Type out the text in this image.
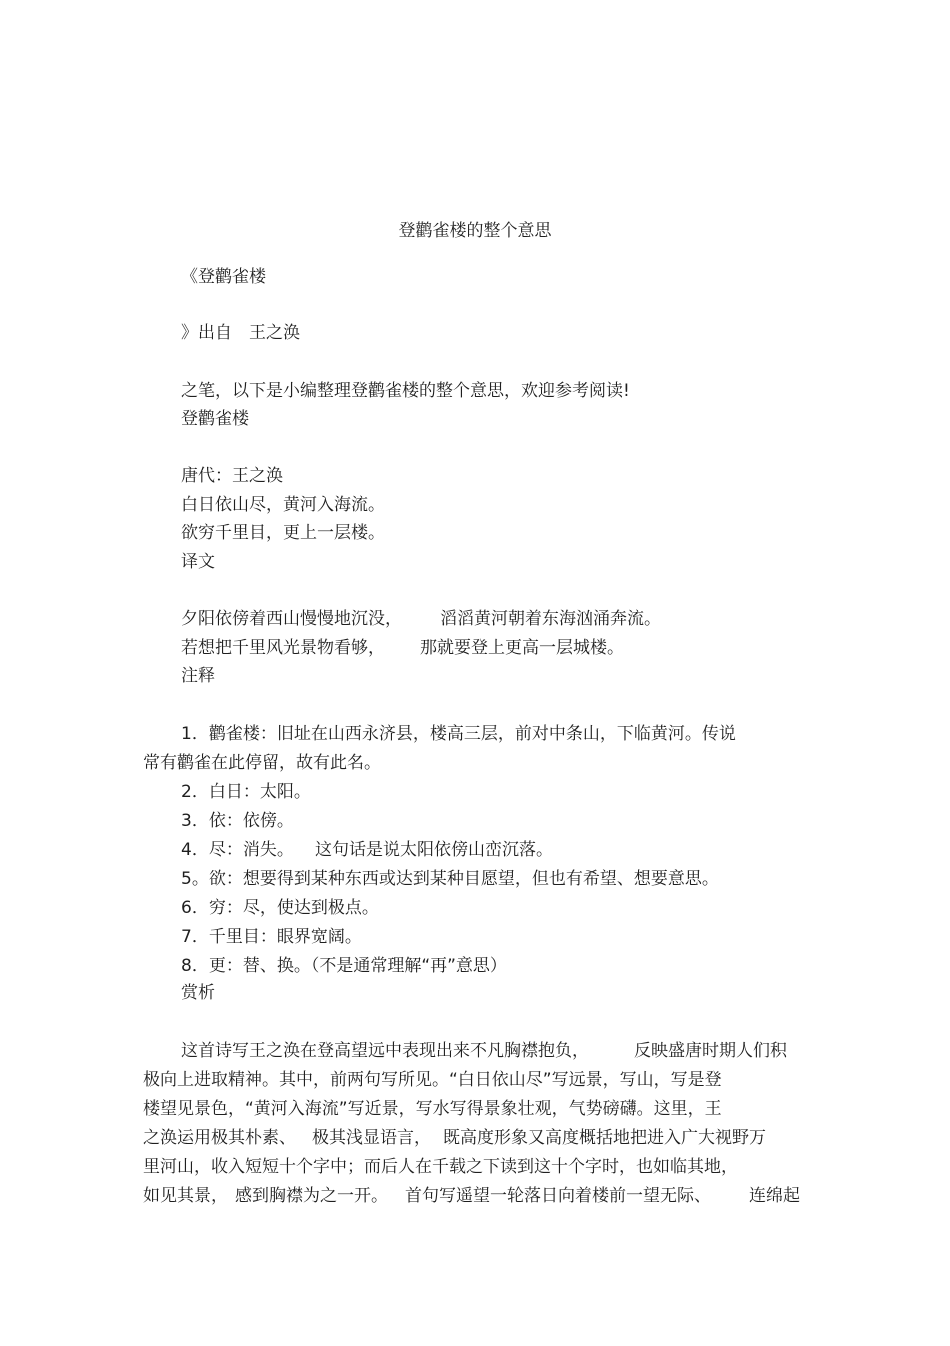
登鹳雀楼的整个意思
《登鹳雀楼
》出自　王之涣
之笔，以下是小编整理登鹳雀楼的整个意思，欢迎参考阅读!
登鹳雀楼
唐代：王之涣
白日依山尽，黄河入海流。
欲穷千里目，更上一层楼。
译文
夕阳依傍着西山慢慢地沉没， 滔滔黄河朝着东海汹涌奔流。
若想把千里风光景物看够， 那就要登上更高一层城楼。
注释
1．鹳雀楼：旧址在山西永济县，楼高三层，前对中条山，下临黄河。传说
常有鹳雀在此停留，故有此名。
2．白日：太阳。
3．依：依傍。
4．尽：消失。 这句话是说太阳依傍山峦沉落。
5。欲：想要得到某种东西或达到某种目愿望，但也有希望、想要意思。
6．穷：尽，使达到极点。
7．千里目：眼界宽阔。
8．更：替、换。（不是通常理解“再”意思）
赏析
这首诗写王之涣在登高望远中表现出来不凡胸襟抱负，	反映盛唐时期人们积
极向上进取精神。其中，前两句写所见。“白日依山尽”写远景，写山，写是登
楼望见景色，“黄河入海流”写近景，写水写得景象壮观，气势磅礴。这里，王
之涣运用极其朴素、 极其浅显语言， 既高度形象又高度概括地把进入广大视野万
里河山，收入短短十个字中；而后人在千载之下读到这十个字时，也如临其地，
如见其景， 感到胸襟为之一开。 首句写遥望一轮落日向着楼前一望无际、 连绵起
